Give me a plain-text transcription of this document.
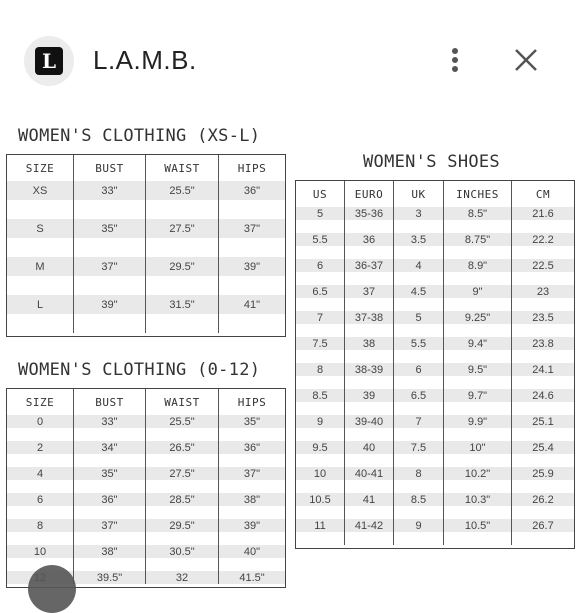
L L.A.M.B.
WOMEN'S CLOTHING (XS-L)
SIZE	BUST	WAIST	HIPS
XS	33"	25.5"	36"

S	35"	27.5"	37"

M	37"	29.5"	39"

L	39"	31.5"	41"

WOMEN'S CLOTHING (0-12)
SIZE	BUST	WAIST	HIPS
0	33"	25.5"	35"

2	34"	26.5"	36"

4	35"	27.5"	37"

6	36"	28.5"	38"

8	37"	29.5"	39"

10	38"	30.5"	40"

	39.5"	32	41.5"
WOMEN'S SHOES
US	EURO	UK	INCHES	CM
5	35-36	3	8.5"	21.6

5.5	36	3.5	8.75"	22.2

6	36-37	4	8.9"	22.5

6.5	37	4.5	9"	23

7	37-38	5	9.25"	23.5

7.5	38	5.5	9.4"	23.8

8	38-39	6	9.5"	24.1

8.5	39	6.5	9.7"	24.6

9	39-40	7	9.9"	25.1

9.5	40	7.5	10"	25.4

10	40-41	8	10.2"	25.9

10.5	41	8.5	10.3"	26.2

11	41-42	9	10.5"	26.7
